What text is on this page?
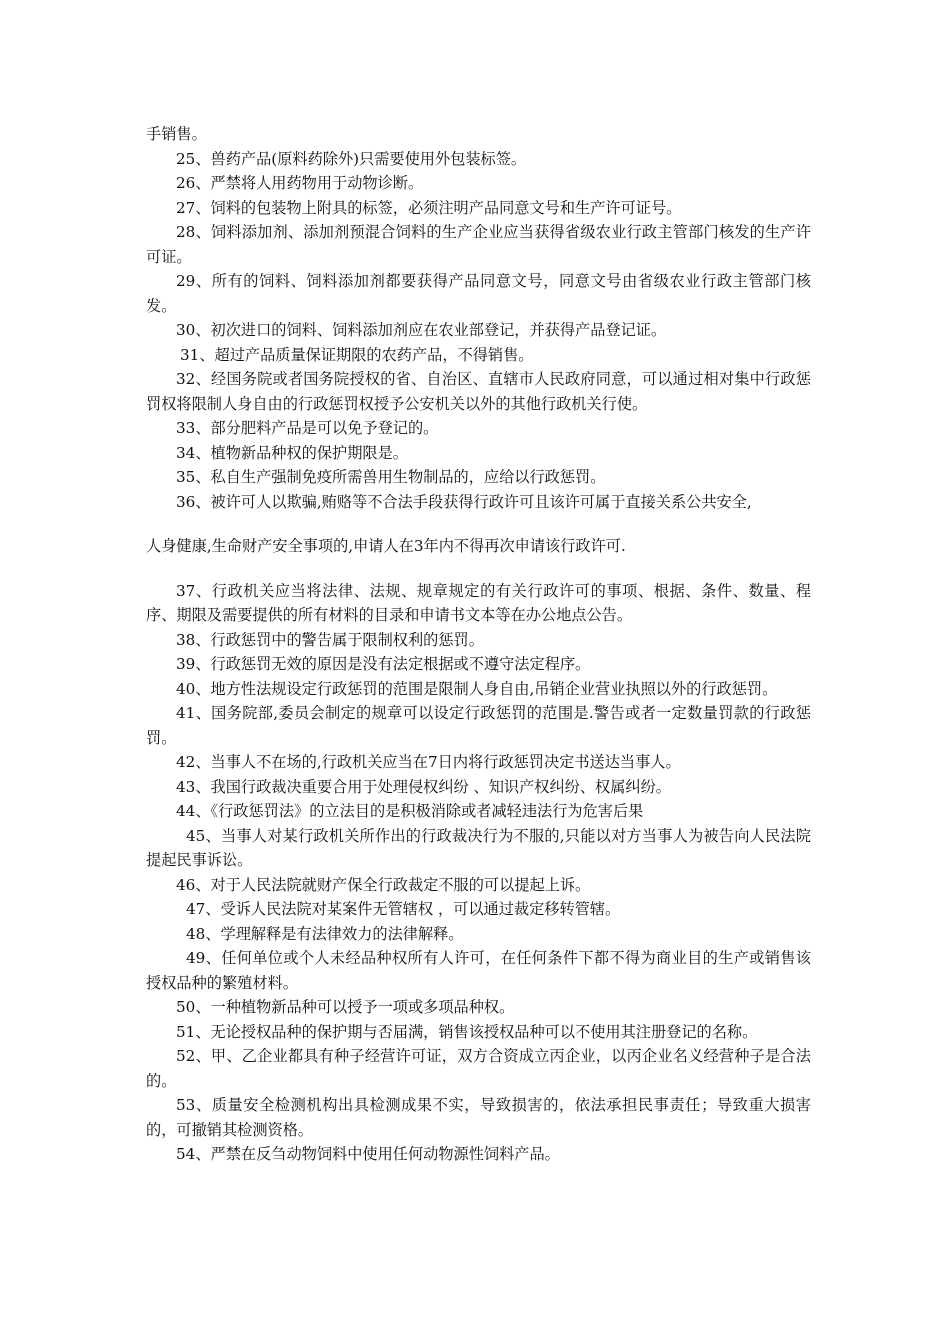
手销售。

25、兽药产品(原料药除外)只需要使用外包装标签。

26、严禁将人用药物用于动物诊断。

27、饲料的包装物上附具的标签，必须注明产品同意文号和生产许可证号。

28、饲料添加剂、添加剂预混合饲料的生产企业应当获得省级农业行政主管部门核发的生产许可证。

29、所有的饲料、饲料添加剂都要获得产品同意文号，同意文号由省级农业行政主管部门核发。

30、初次进口的饲料、饲料添加剂应在农业部登记，并获得产品登记证。

31、超过产品质量保证期限的农药产品，不得销售。

32、经国务院或者国务院授权的省、自治区、直辖市人民政府同意，可以通过相对集中行政惩罚权将限制人身自由的行政惩罚权授予公安机关以外的其他行政机关行使。

33、部分肥料产品是可以免予登记的。

34、植物新品种权的保护期限是。

35、私自生产强制免疫所需兽用生物制品的，应给以行政惩罚。

36、被许可人以欺骗,贿赂等不合法手段获得行政许可且该许可属于直接关系公共安全,

人身健康,生命财产安全事项的,申请人在3年内不得再次申请该行政许可.

37、行政机关应当将法律、法规、规章规定的有关行政许可的事项、根据、条件、数量、程序、期限及需要提供的所有材料的目录和申请书文本等在办公地点公告。

38、行政惩罚中的警告属于限制权利的惩罚。

39、行政惩罚无效的原因是没有法定根据或不遵守法定程序。

40、地方性法规设定行政惩罚的范围是限制人身自由,吊销企业营业执照以外的行政惩罚。

41、国务院部,委员会制定的规章可以设定行政惩罚的范围是.警告或者一定数量罚款的行政惩罚。

42、当事人不在场的,行政机关应当在7日内将行政惩罚决定书送达当事人。

43、我国行政裁决重要合用于处理侵权纠纷 、知识产权纠纷、权属纠纷。

44、《行政惩罚法》的立法目的是积极消除或者减轻违法行为危害后果

45、当事人对某行政机关所作出的行政裁决行为不服的,只能以对方当事人为被告向人民法院提起民事诉讼。

46、对于人民法院就财产保全行政裁定不服的可以提起上诉。

47、受诉人民法院对某案件无管辖权 ，可以通过裁定移转管辖。

48、学理解释是有法律效力的法律解释。

49、任何单位或个人未经品种权所有人许可，在任何条件下都不得为商业目的生产或销售该授权品种的繁殖材料。

50、一种植物新品种可以授予一项或多项品种权。

51、无论授权品种的保护期与否届满，销售该授权品种可以不使用其注册登记的名称。

52、甲、乙企业都具有种子经营许可证，双方合资成立丙企业，以丙企业名义经营种子是合法的。

53、质量安全检测机构出具检测成果不实，导致损害的，依法承担民事责任；导致重大损害的，可撤销其检测资格。

54、严禁在反刍动物饲料中使用任何动物源性饲料产品。
